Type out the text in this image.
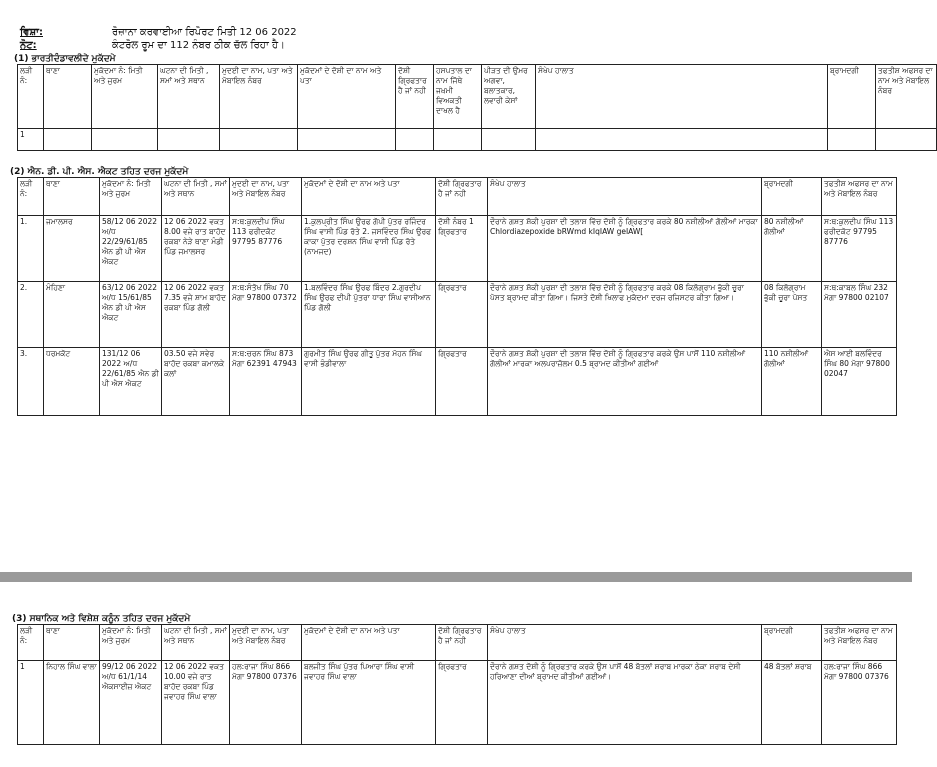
ਵਿਸ਼ਾ:	ਰੋਜ਼ਾਨਾ ਕਰਵਾਈਆ ਰਿਪੋਰਟ ਮਿਤੀ 12 06 2022
ਨੋਟ:	ਕੰਟਰੋਲ ਰੂਮ ਦਾ 112 ਨੰਬਰ ਠੀਕ ਚੱਲ ਰਿਹਾ ਹੈ।
(1) ਭਾਰਤੀਦੰਡਾਵਲੀਦੇ ਮੁਕੱਦਮੇ
ਲੜੀ ਨੰ:	ਥਾਣਾ	ਮੁਕੱਦਮਾ ਨੰ: ਮਿਤੀ ਅਤੇ ਜੁਰਮ	ਘਟਨਾ ਦੀ ਮਿਤੀ , ਸਮਾਂ ਅਤੇ ਸਥਾਨ	ਮੁਦਈ ਦਾ ਨਾਮ, ਪਤਾ ਅਤੇ ਮੋਬਾਇਲ ਨੰਬਰ	ਮੁਕੱਦਮਾਂ ਦੇ ਦੋਸ਼ੀ ਦਾ ਨਾਮ ਅਤੇ ਪਤਾ	ਦੋਸ਼ੀ ਗ੍ਰਿਫਤਾਰ ਹੈ ਜਾਂ ਨਹੀ	ਹਸਪਤਾਲ ਦਾ ਨਾਮ ਜਿੱਥੇ ਜਖ਼ਮੀ ਵਿਅਕਤੀ ਦਾਖਲ ਹੈ	ਪੀੜਤ ਦੀ ਉਮਰ ਅਗਵਾ, ਬਲਾਤਕਾਰ, ਲਵਾਰੀ ਕੇਸਾਂ	ਸੰਖੇਪ ਹਾਲਾਤ	ਬ੍ਰਾਮਦਗੀ	ਤਫਤੀਸ਼ ਅਫਸਰ ਦਾ ਨਾਮ ਅਤੇ ਮੋਬਾਇਲ ਨੰਬਰ
1											
(2) ਐਨ. ਡੀ. ਪੀ. ਐਸ. ਐਕਟ ਤਹਿਤ ਦਰਜ ਮੁਕੱਦਮੇ
ਲੜੀ ਨੰ:	ਥਾਣਾ	ਮੁਕੱਦਮਾ ਨੰ: ਮਿਤੀ ਅਤੇ ਜੁਰਮ	ਘਟਨਾ ਦੀ ਮਿਤੀ , ਸਮਾਂ ਅਤੇ ਸਥਾਨ	ਮੁਦਈ ਦਾ ਨਾਮ, ਪਤਾ ਅਤੇ ਮੋਬਾਇਲ ਨੰਬਰ	ਮੁਕੱਦਮਾਂ ਦੇ ਦੋਸ਼ੀ ਦਾ ਨਾਮ ਅਤੇ ਪਤਾ	ਦੋਸ਼ੀ ਗ੍ਰਿਫਤਾਰ ਹੈ ਜਾਂ ਨਹੀ	ਸੰਖੇਪ ਹਾਲਾਤ	ਬ੍ਰਾਮਦਗੀ	ਤਫਤੀਸ਼ ਅਫਸਰ ਦਾ ਨਾਮ ਅਤੇ ਮੋਬਾਇਲ ਨੰਬਰ
1.	ਜਮਾਲਸਰ	58/12 06 2022 ਅ/ਧ 22/29/61/85 ਐਨ ਡੀ ਪੀ ਐਸ ਐਕਟ	12 06 2022 ਵਕਤ 8.00 ਵਜੇ ਰਾਤ ਬਾਹੱਦ ਰਕਬਾ ਨੇੜੇ ਥਾਣਾ ਮੰਡੀ ਪਿੰਡ ਜਮਾਲਸਰ	ਸ:ਥ:ਕੁਲਦੀਪ ਸਿੰਘ 113 ਫਰੀਦਕੋਟ 97795 87776	1.ਕੁਲਪ੍ਰੀਤ ਸਿੰਘ ਉਰਫ ਗੋਪੀ ਪੁੱਤਰ ਰਜਿੰਦਰ ਸਿੰਘ ਵਾਸੀ ਪਿੰਡ ਰੱਤੇ 2. ਜਸਵਿੰਦਰ ਸਿੰਘ ਉਰਫ ਕਾਕਾ ਪੁੱਤਰ ਦਰਸ਼ਨ ਸਿੰਘ ਵਾਸੀ ਪਿੰਡ ਰੱਤੇ (ਨਾਮਜਦ)	ਦੋਸ਼ੀ ਨੰਬਰ 1 ਗ੍ਰਿਫਤਾਰ	ਦੌਰਾਨੇ ਗਸ਼ਤ ਸ਼ੱਕੀ ਪੁਰਸ਼ਾ ਦੀ ਤਲਾਸ਼ ਵਿੱਚ ਦੋਸ਼ੀ ਨੂੰ ਗ੍ਰਿਫਤਾਰ ਕਰਕੇ 80 ਨਸ਼ੀਲੀਆਂ ਗੋਲੀਆਂ ਮਾਰਕਾ Chlordiazepoxide bRWmd kIqIAW geIAW[	80 ਨਸ਼ੀਲੀਆਂ ਗੋਲੀਆਂ	ਸ:ਥ:ਕੁਲਦੀਪ ਸਿੰਘ 113 ਫਰੀਦਕੋਟ 97795 87776
2.	ਮੰਹਿਣਾ	63/12 06 2022 ਅ/ਧ 15/61/85 ਐਨ ਡੀ ਪੀ ਐਸ ਐਕਟ	12 06 2022 ਵਕਤ 7.35 ਵਜੇ ਸ਼ਾਮ ਬਾਹੱਦ ਰਕਬਾ ਪਿੰਡ ਗੋਲੀ	ਸ:ਥ:ਸੰਤੋਖ ਸਿੰਘ 70 ਮੋਗਾ 97800 07372	1.ਬਲਵਿੰਦਰ ਸਿੰਘ ਉਰਫ ਬਿੰਦਰ 2.ਗੁਰਦੀਪ ਸਿੰਘ ਉਰਫ ਦੀਪੀ ਪੁੱਤਰਾ ਧਾਰਾ ਸਿੰਘ ਵਾਸੀਆਨ ਪਿੰਡ ਗੋਲੀ	ਗ੍ਰਿਫਤਾਰ	ਦੌਰਾਨੇ ਗਸ਼ਤ ਸ਼ੱਕੀ ਪੁਰਸ਼ਾ ਦੀ ਤਲਾਸ਼ ਵਿੱਚ ਦੋਸ਼ੀ ਨੂੰ ਗ੍ਰਿਫਤਾਰ ਕਰਕੇ 08 ਕਿਲੋਗ੍ਰਾਮ ਭੁੱਕੀ ਚੂਰਾ ਪੋਸਤ ਬ੍ਰਾਮਦ ਕੀਤਾ ਗਿਆ। ਜਿਸਤੇ ਦੋਸ਼ੀ ਖਿਲਾਫ ਮੁਕੱਦਮਾ ਦਰਜ ਰਜਿਸਟਰ ਕੀਤਾ ਗਿਆ।	08 ਕਿਲੋਗ੍ਰਾਮ ਭੁੱਕੀ ਚੂਰਾ ਪੋਸਤ	ਸ:ਥ:ਕਾਬਲ ਸਿੰਘ 232 ਮੋਗਾ 97800 02107
3.	ਧਰਮਕੋਟ	131/12 06 2022 ਅ/ਧ 22/61/85 ਐਨ ਡੀ ਪੀ ਐਸ ਐਕਟ	03.50 ਵਜੇ ਸਵੇਰ ਬਾਹੱਦ ਰਕਬਾ ਕਮਾਲਕੇ ਕਲਾਂ	ਸ:ਥ:ਚਰਨ ਸਿੰਘ 873 ਮੋਗਾ 62391 47943	ਗੁਰਮੀਤ ਸਿੰਘ ਉਰਫ ਗੀਤੂ ਪੁੱਤਰ ਮੱਹਨ ਸਿੰਘ ਵਾਸੀ ਭੰਡੀਵਾਲਾ	ਗ੍ਰਿਫਤਾਰ	ਦੌਰਾਨੇ ਗਸ਼ਤ ਸ਼ੱਕੀ ਪੁਰਸ਼ਾ ਦੀ ਤਲਾਸ਼ ਵਿੱਚ ਦੋਸ਼ੀ ਨੂੰ ਗ੍ਰਿਫਤਾਰ ਕਰਕੇ ਉਸ ਪਾਸੋਂ 110 ਨਸ਼ੀਲੀਆਂ ਗੋਲੀਆਂ ਮਾਰਕਾ ਅਲਪਰਾਜ਼ੋਲਮ 0.5 ਬ੍ਰਾਮਦ ਕੀਤੀਆਂ ਗਈਆਂ	110 ਨਸ਼ੀਲੀਆਂ ਗੋਲੀਆਂ	ਐਸ ਆਈ ਬਲਵਿੰਦਰ ਸਿੰਘ 80 ਮੋਗਾ 97800 02047
(3) ਸਥਾਨਿਕ ਅਤੇ ਵਿਸ਼ੇਸ਼ ਕਨੂੰਨ ਤਹਿਤ ਦਰਜ ਮੁਕੱਦਮੇ
ਲੜੀ ਨੰ:	ਥਾਣਾ	ਮੁਕੱਦਮਾ ਨੰ: ਮਿਤੀ ਅਤੇ ਜੁਰਮ	ਘਟਨਾ ਦੀ ਮਿਤੀ , ਸਮਾਂ ਅਤੇ ਸਥਾਨ	ਮੁਦਈ ਦਾ ਨਾਮ, ਪਤਾ ਅਤੇ ਮੋਬਾਇਲ ਨੰਬਰ	ਮੁਕੱਦਮਾਂ ਦੇ ਦੋਸ਼ੀ ਦਾ ਨਾਮ ਅਤੇ ਪਤਾ	ਦੋਸ਼ੀ ਗ੍ਰਿਫਤਾਰ ਹੈ ਜਾਂ ਨਹੀ	ਸੰਖੇਪ ਹਾਲਾਤ	ਬ੍ਰਾਮਦਗੀ	ਤਫਤੀਸ਼ ਅਫਸਰ ਦਾ ਨਾਮ ਅਤੇ ਮੋਬਾਇਲ ਨੰਬਰ
1	ਨਿਹਾਲ ਸਿੰਘ ਵਾਲਾ	99/12 06 2022 ਅ/ਧ 61/1/14 ਐਕਸਾਈਜ਼ ਐਕਟ	12 06 2022 ਵਕਤ 10.00 ਵਜੇ ਰਾਤ ਬਾਹੱਦ ਰਕਬਾ ਪਿੰਡ ਜਵਾਹਰ ਸਿੰਘ ਵਾਲਾ	ਹਲ:ਰਾਜਾ ਸਿੰਘ 866 ਮੋਗਾ 97800 07376	ਬਲਜੀਤ ਸਿੰਘ ਪੁੱਤਰ ਪਿਆਰਾ ਸਿੰਘ ਵਾਸੀ ਜਵਾਹਰ ਸਿੰਘ ਵਾਲਾ	ਗ੍ਰਿਫਤਾਰ	ਦੌਰਾਨੇ ਗਸ਼ਤ ਦੋਸ਼ੀ ਨੂੰ ਗ੍ਰਿਫਤਾਰ ਕਰਕੇ ਉਸ ਪਾਸੋਂ 48 ਬੋਤਲਾਂ ਸ਼ਰਾਬ ਮਾਰਕਾ ਠੇਕਾ ਸ਼ਰਾਬ ਦੇਸੀ ਹਰਿਆਣਾ ਦੀਆਂ ਬ੍ਰਾਮਦ ਕੀਤੀਆਂ ਗਈਆਂ।	48 ਬੋਤਲਾਂ ਸ਼ਰਾਬ	ਹਲ:ਰਾਜਾ ਸਿੰਘ 866 ਮੋਗਾ 97800 07376
